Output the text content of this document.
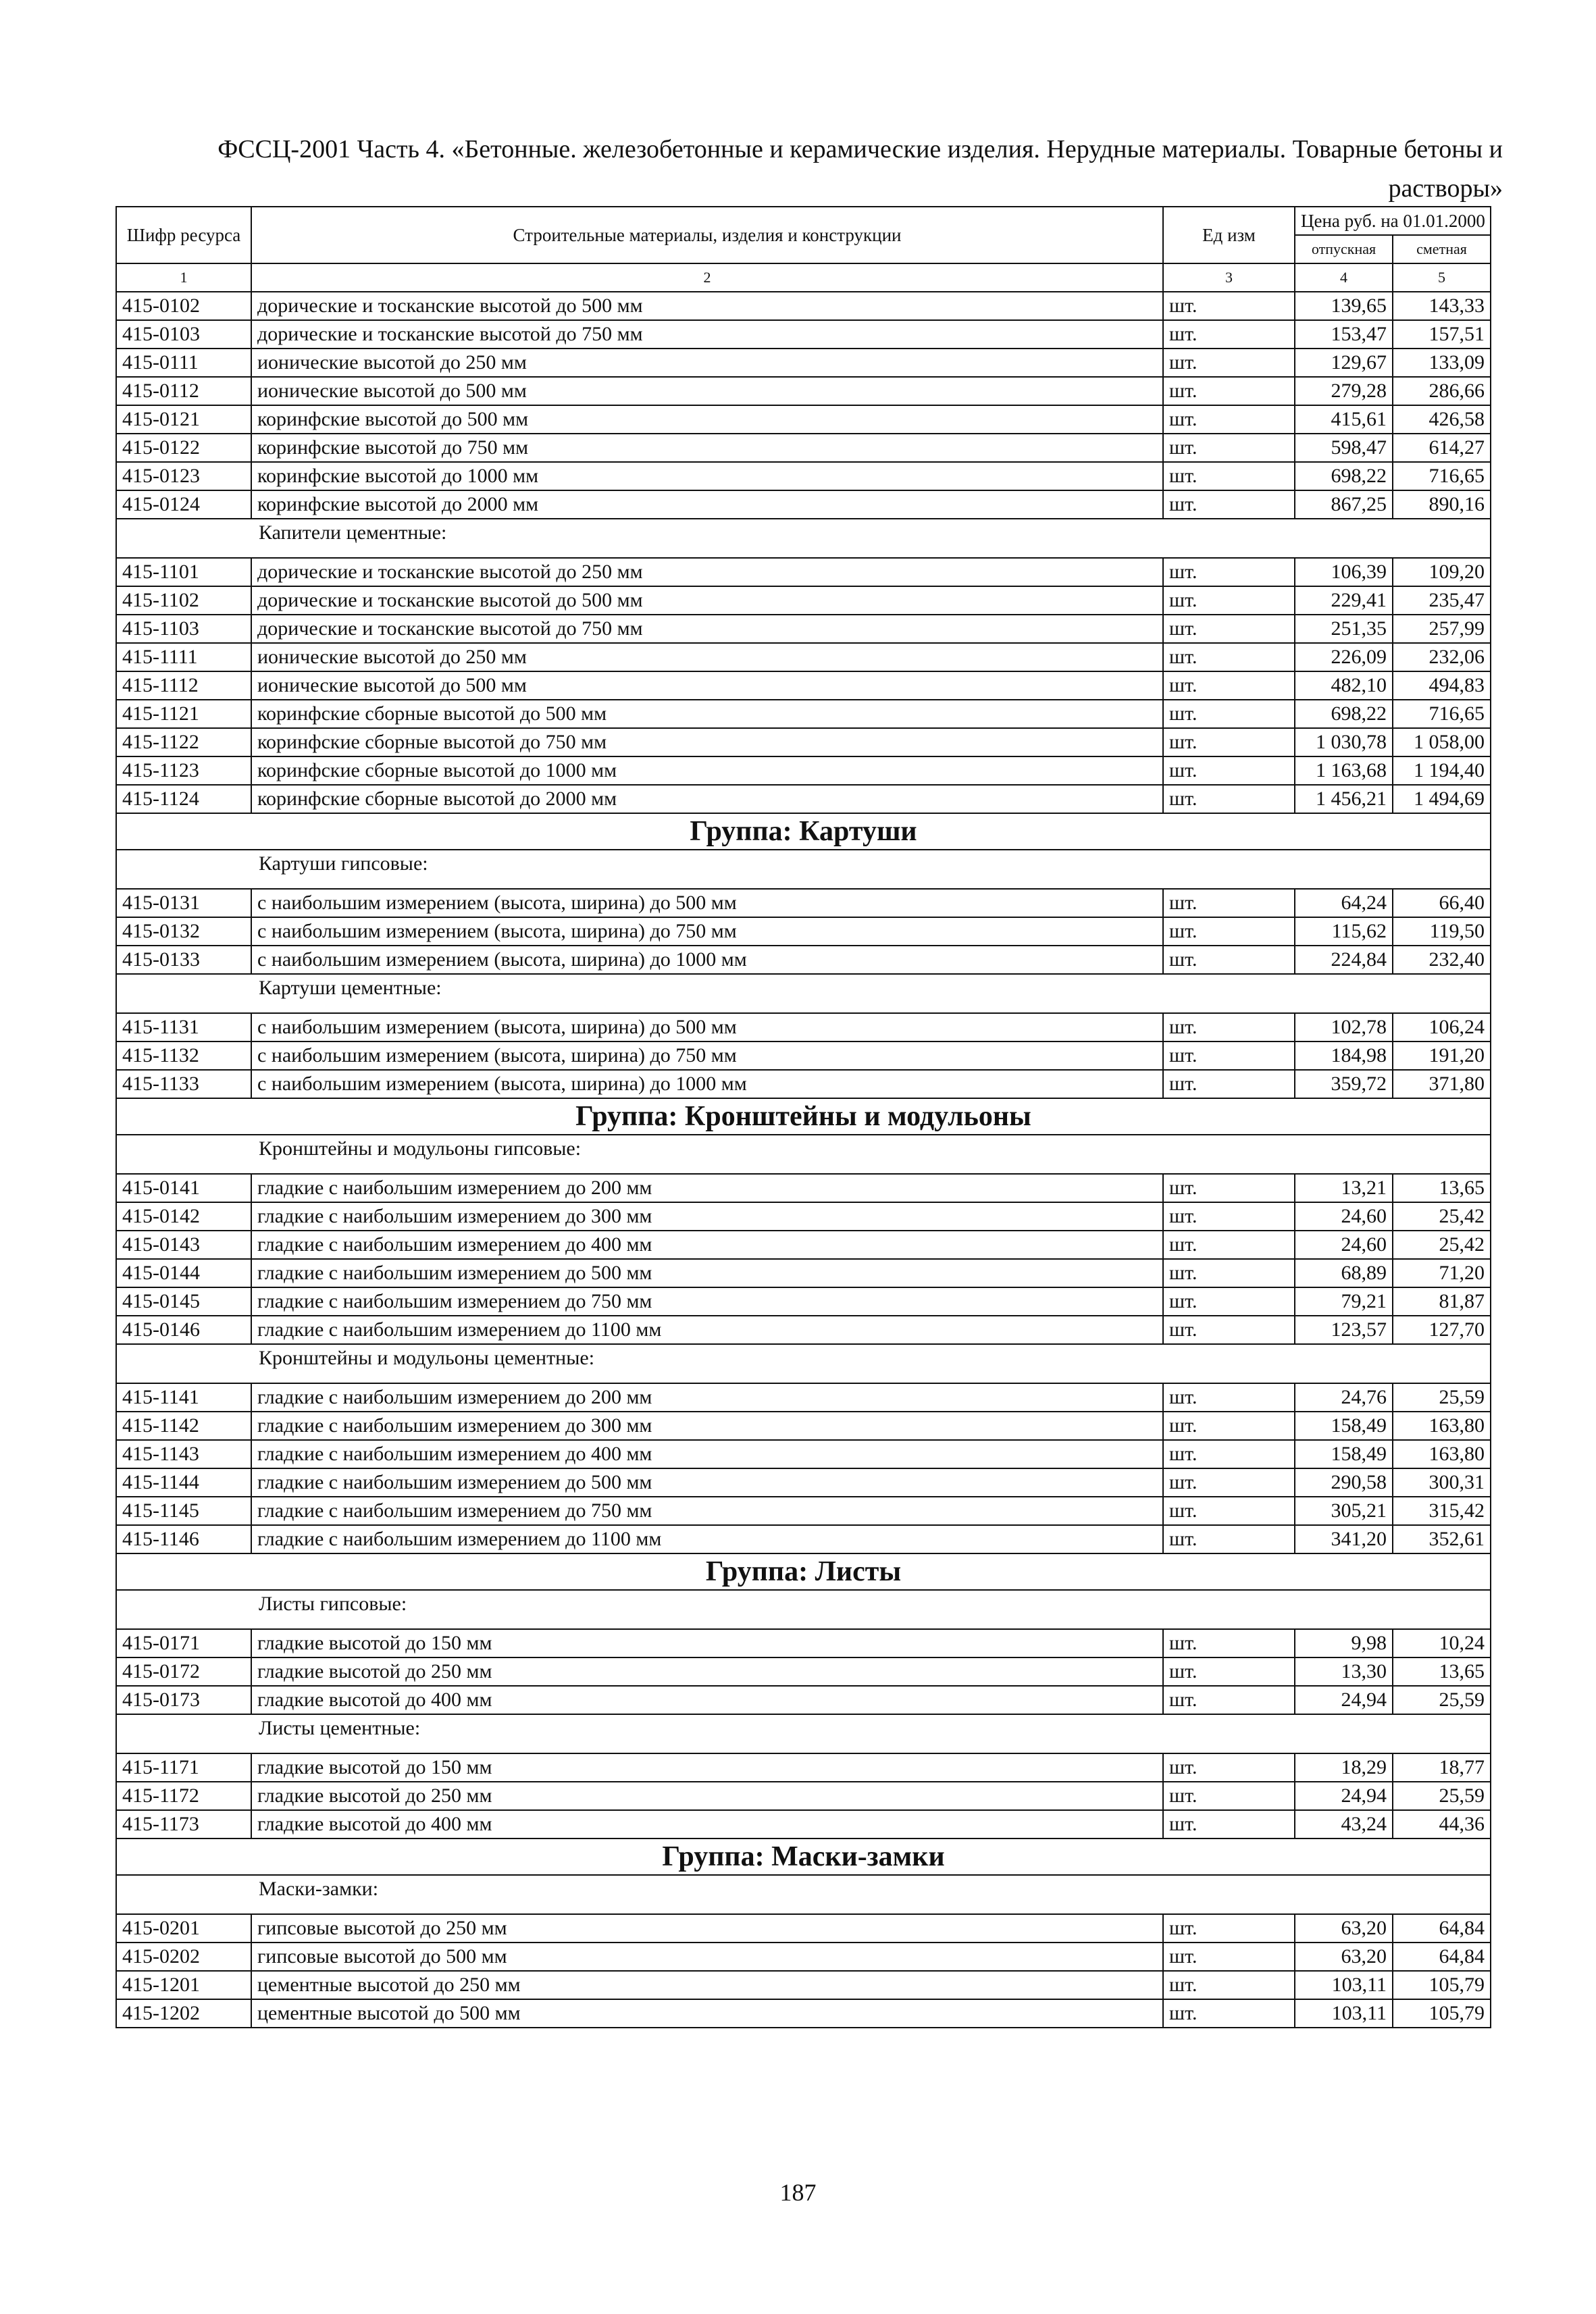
ФССЦ-2001 Часть 4. «Бетонные. железобетонные и керамические изделия. Нерудные материалы. Товарные бетоны и
растворы»
Шифр ресурса	Строительные материалы, изделия и конструкции	Ед изм	Цена руб. на 01.01.2000	
			отпускная	сметная
1	2	3	4	5
415-0102	дорические и тосканские высотой до 500 мм	шт.	139,65	143,33
415-0103	дорические и тосканские высотой до 750 мм	шт.	153,47	157,51
415-0111	ионические высотой до 250 мм	шт.	129,67	133,09
415-0112	ионические высотой до 500 мм	шт.	279,28	286,66
415-0121	коринфские высотой до 500 мм	шт.	415,61	426,58
415-0122	коринфские высотой до 750 мм	шт.	598,47	614,27
415-0123	коринфские высотой до 1000 мм	шт.	698,22	716,65
415-0124	коринфские высотой до 2000 мм	шт.	867,25	890,16
Капители цементные:				

415-1101	дорические и тосканские высотой до 250 мм	шт.	106,39	109,20
415-1102	дорические и тосканские высотой до 500 мм	шт.	229,41	235,47
415-1103	дорические и тосканские высотой до 750 мм	шт.	251,35	257,99
415-1111	ионические высотой до 250 мм	шт.	226,09	232,06
415-1112	ионические высотой до 500 мм	шт.	482,10	494,83
415-1121	коринфские сборные высотой до 500 мм	шт.	698,22	716,65
415-1122	коринфские сборные высотой до 750 мм	шт.	1 030,78	1 058,00
415-1123	коринфские сборные высотой до 1000 мм	шт.	1 163,68	1 194,40
415-1124	коринфские сборные высотой до 2000 мм	шт.	1 456,21	1 494,69
Группа: Картуши				
Картуши гипсовые:				

415-0131	с наибольшим измерением (высота, ширина) до 500 мм	шт.	64,24	66,40
415-0132	с наибольшим измерением (высота, ширина) до 750 мм	шт.	115,62	119,50
415-0133	с наибольшим измерением (высота, ширина) до 1000 мм	шт.	224,84	232,40
Картуши цементные:				

415-1131	с наибольшим измерением (высота, ширина) до 500 мм	шт.	102,78	106,24
415-1132	с наибольшим измерением (высота, ширина) до 750 мм	шт.	184,98	191,20
415-1133	с наибольшим измерением (высота, ширина) до 1000 мм	шт.	359,72	371,80
Группа: Кронштейны и модульоны				
Кронштейны и модульоны гипсовые:				

415-0141	гладкие с наибольшим измерением до 200 мм	шт.	13,21	13,65
415-0142	гладкие с наибольшим измерением до 300 мм	шт.	24,60	25,42
415-0143	гладкие с наибольшим измерением до 400 мм	шт.	24,60	25,42
415-0144	гладкие с наибольшим измерением до 500 мм	шт.	68,89	71,20
415-0145	гладкие с наибольшим измерением до 750 мм	шт.	79,21	81,87
415-0146	гладкие с наибольшим измерением до 1100 мм	шт.	123,57	127,70
Кронштейны и модульоны цементные:				

415-1141	гладкие с наибольшим измерением до 200 мм	шт.	24,76	25,59
415-1142	гладкие с наибольшим измерением до 300 мм	шт.	158,49	163,80
415-1143	гладкие с наибольшим измерением до 400 мм	шт.	158,49	163,80
415-1144	гладкие с наибольшим измерением до 500 мм	шт.	290,58	300,31
415-1145	гладкие с наибольшим измерением до 750 мм	шт.	305,21	315,42
415-1146	гладкие с наибольшим измерением до 1100 мм	шт.	341,20	352,61
Группа: Листы				
Листы гипсовые:				

415-0171	гладкие высотой до 150 мм	шт.	9,98	10,24
415-0172	гладкие высотой до 250 мм	шт.	13,30	13,65
415-0173	гладкие высотой до 400 мм	шт.	24,94	25,59
Листы цементные:				

415-1171	гладкие высотой до 150 мм	шт.	18,29	18,77
415-1172	гладкие высотой до 250 мм	шт.	24,94	25,59
415-1173	гладкие высотой до 400 мм	шт.	43,24	44,36
Группа: Маски-замки				
Маски-замки:				

415-0201	гипсовые высотой до 250 мм	шт.	63,20	64,84
415-0202	гипсовые высотой до 500 мм	шт.	63,20	64,84
415-1201	цементные высотой до 250 мм	шт.	103,11	105,79
415-1202	цементные высотой до 500 мм	шт.	103,11	105,79
187
